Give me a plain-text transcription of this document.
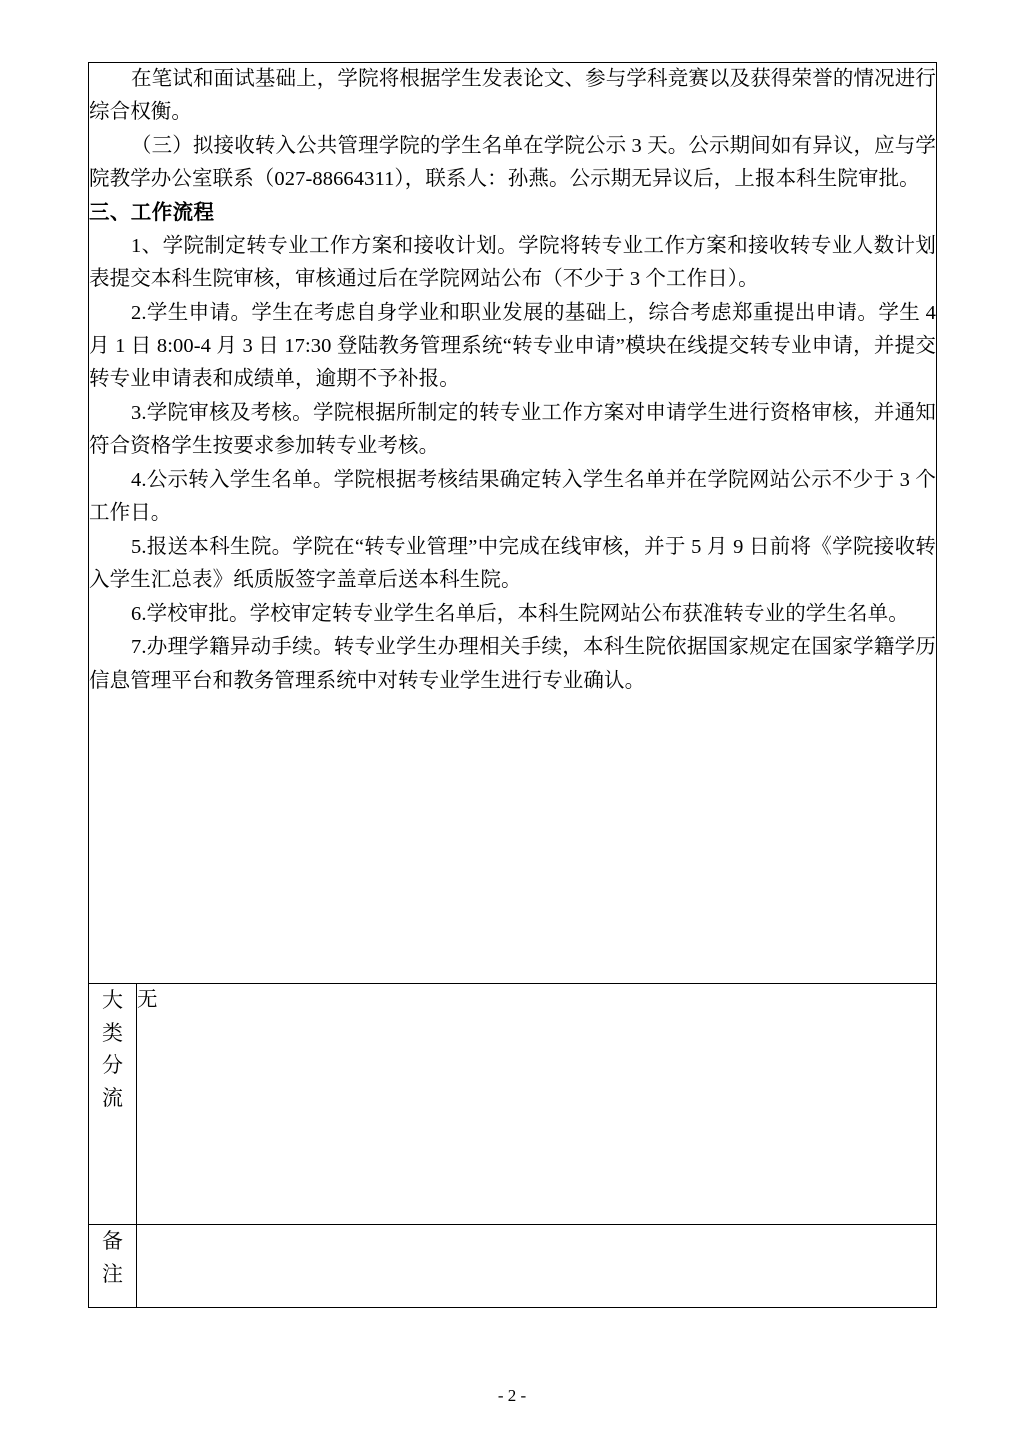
在笔试和面试基础上，学院将根据学生发表论文、参与学科竞赛以及获得荣誉的情况进行综合权衡。

（三）拟接收转入公共管理学院的学生名单在学院公示 3 天。公示期间如有异议，应与学院教学办公室联系（027-88664311），联系人：孙燕。公示期无异议后，上报本科生院审批。

三、工作流程

1、学院制定转专业工作方案和接收计划。学院将转专业工作方案和接收转专业人数计划表提交本科生院审核，审核通过后在学院网站公布（不少于 3 个工作日）。

2.学生申请。学生在考虑自身学业和职业发展的基础上，综合考虑郑重提出申请。学生 4 月 1 日 8:00-4 月 3 日 17:30 登陆教务管理系统“转专业申请”模块在线提交转专业申请，并提交转专业申请表和成绩单，逾期不予补报。

3.学院审核及考核。学院根据所制定的转专业工作方案对申请学生进行资格审核，并通知符合资格学生按要求参加转专业考核。

4.公示转入学生名单。学院根据考核结果确定转入学生名单并在学院网站公示不少于 3 个工作日。

5.报送本科生院。学院在“转专业管理”中完成在线审核，并于 5 月 9 日前将《学院接收转入学生汇总表》纸质版签字盖章后送本科生院。

6.学校审批。学校审定转专业学生名单后，本科生院网站公布获准转专业的学生名单。

7.办理学籍异动手续。转专业学生办理相关手续，本科生院依据国家规定在国家学籍学历信息管理平台和教务管理系统中对转专业学生进行专业确认。

大
类
分
流	无

备
注	

- 2 -
